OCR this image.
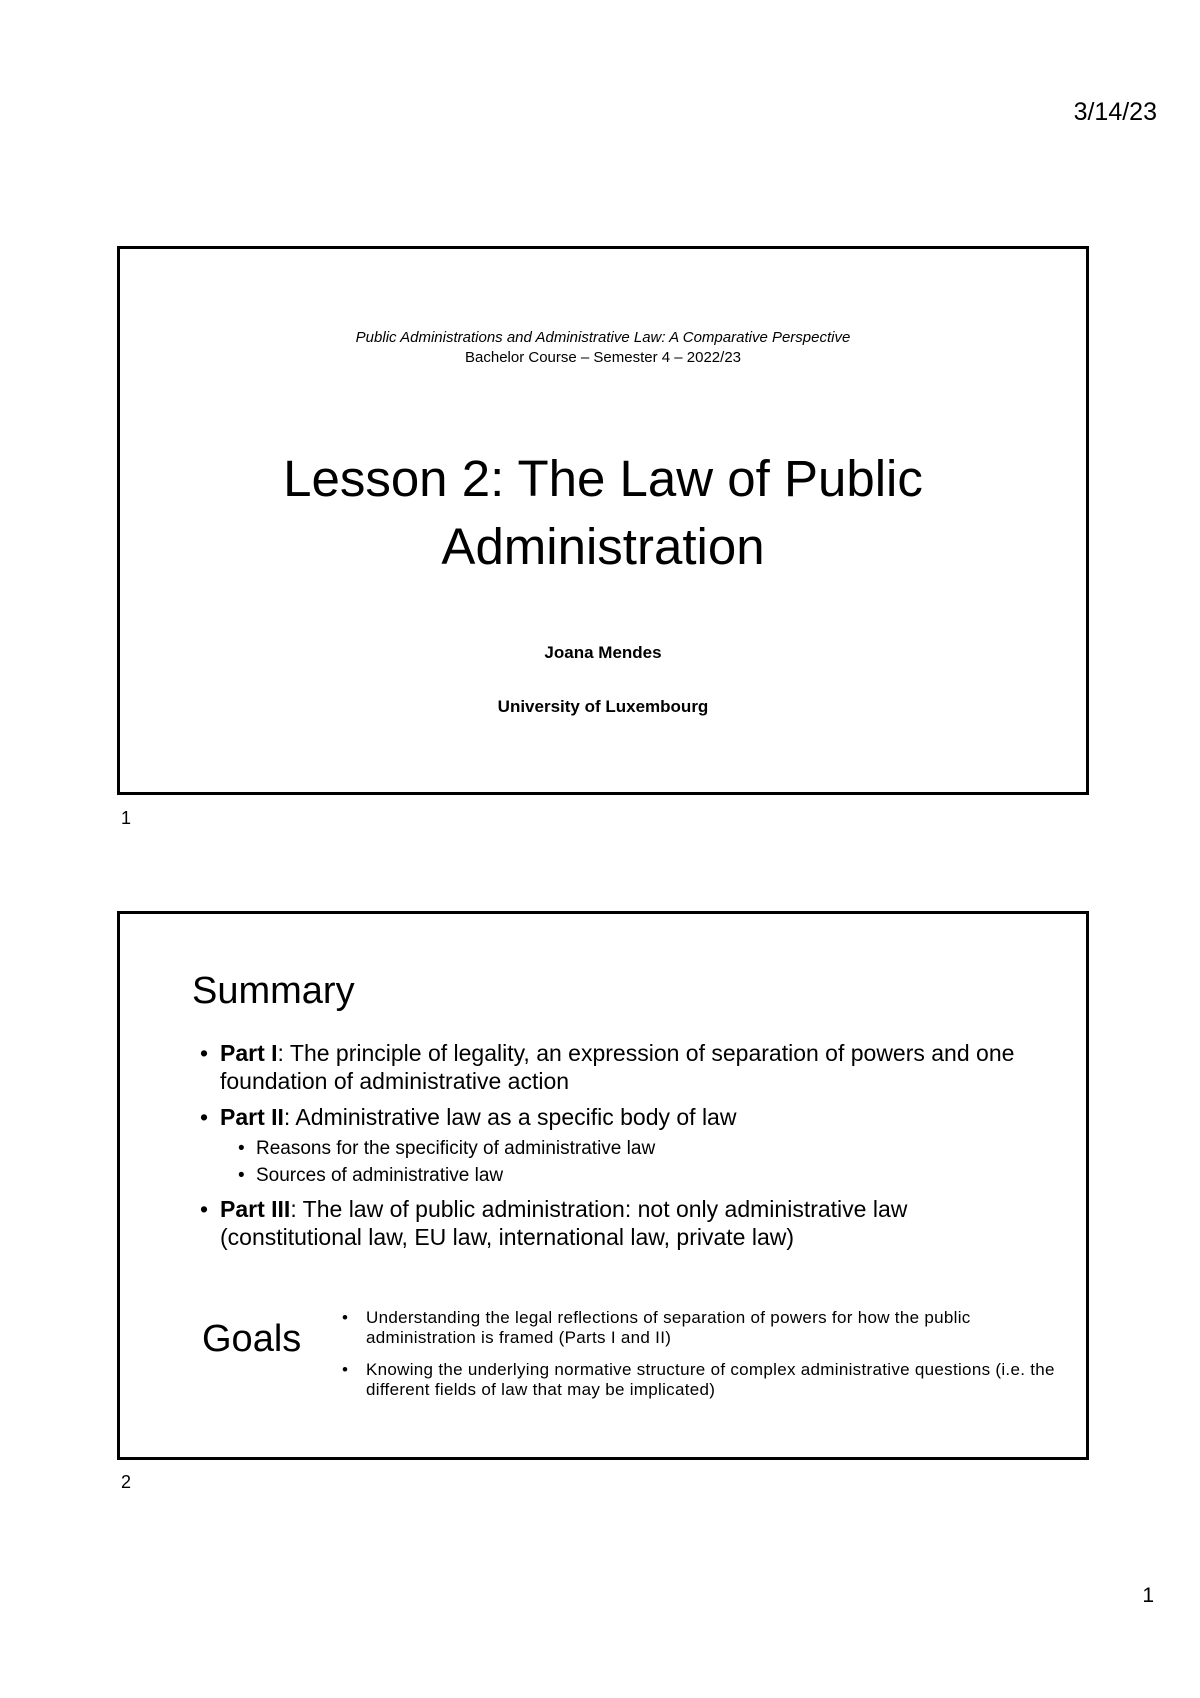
3/14/23
Public Administrations and Administrative Law: A Comparative Perspective
Bachelor Course – Semester 4 – 2022/23
Lesson 2: The Law of Public
Administration
Joana Mendes
University of Luxembourg
1
Summary
• Part I: The principle of legality, an expression of separation of powers and one foundation of administrative action
• Part II: Administrative law as a specific body of law
• Reasons for the specificity of administrative law
• Sources of administrative law
• Part III: The law of public administration: not only administrative law (constitutional law, EU law, international law, private law)
Goals
• Understanding the legal reflections of separation of powers for how the public administration is framed (Parts I and II)
• Knowing the underlying normative structure of complex administrative questions (i.e. the different fields of law that may be implicated)
2
1
